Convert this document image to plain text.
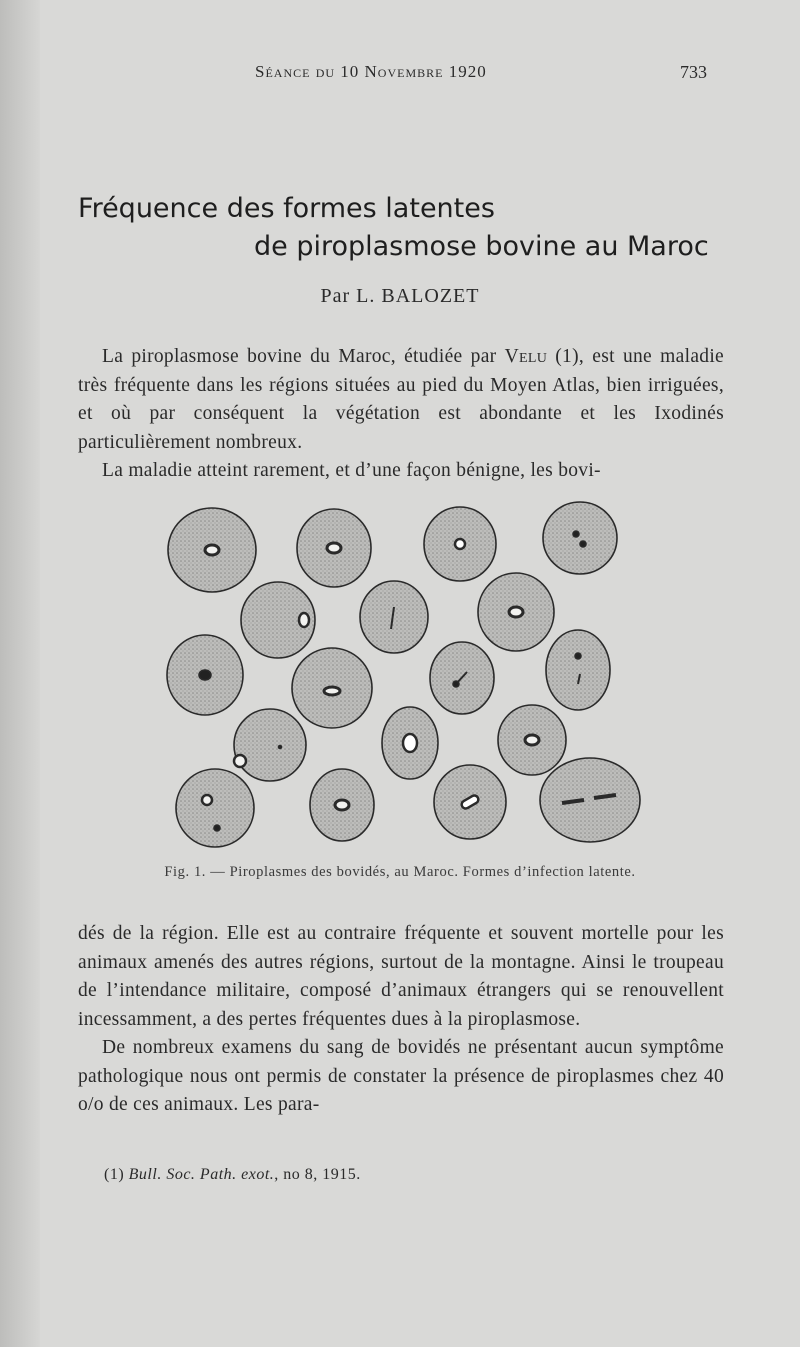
Séance du 10 Novembre 1920	733
Fréquence des formes latentes
de piroplasmose bovine au Maroc
Par L. BALOZET

La piroplasmose bovine du Maroc, étudiée par Velu (1), est une maladie très fréquente dans les régions situées au pied du Moyen Atlas, bien irriguées, et où par conséquent la végétation est abondante et les Ixodinés particulièrement nombreux.

La maladie atteint rarement, et d’une façon bénigne, les bovi-

Fig. 1. — Piroplasmes des bovidés, au Maroc. Formes d’infection latente.

dés de la région. Elle est au contraire fréquente et souvent mortelle pour les animaux amenés des autres régions, surtout de la montagne. Ainsi le troupeau de l’intendance militaire, composé d’animaux étrangers qui se renouvellent incessamment, a des pertes fréquentes dues à la piroplasmose.

De nombreux examens du sang de bovidés ne présentant aucun symptôme pathologique nous ont permis de constater la présence de piroplasmes chez 40 o/o de ces animaux. Les para-

(1) Bull. Soc. Path. exot., no 8, 1915.
